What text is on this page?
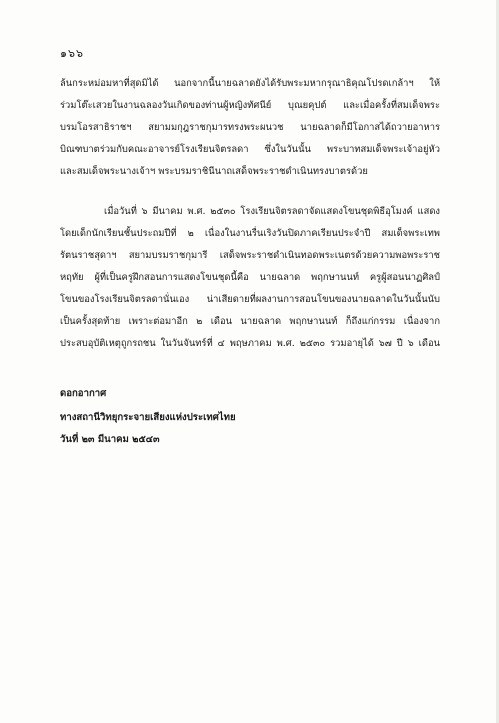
๑๖๖
ล้นกระหม่อมหาที่สุดมิได้ นอกจากนี้นายฉลาดยังได้รับพระมหากรุณาธิคุณโปรดเกล้าฯ ให้
ร่วมโต๊ะเสวยในงานฉลองวันเกิดของท่านผู้หญิงทัศนีย์ บุณยคุปต์ และเมื่อครั้งที่สมเด็จพระ
บรมโอรสาธิราชฯ สยามมกุฎราชกุมารทรงพระผนวช นายฉลาดก็มีโอกาสได้ถวายอาหาร
บิณฑบาตร่วมกับคณะอาจารย์โรงเรียนจิตรลดา ซึ่งในวันนั้น พระบาทสมเด็จพระเจ้าอยู่หัว
และสมเด็จพระนางเจ้าฯ พระบรมราชินีนาถเสด็จพระราชดำเนินทรงบาตรด้วย
เมื่อวันที่ ๖ มีนาคม พ.ศ. ๒๕๓๐ โรงเรียนจิตรลดาจัดแสดงโขนชุดพิธีอุโมงค์ แสดง
โดยเด็กนักเรียนชั้นประถมปีที่ ๒ เนื่องในงานรื่นเริงวันปิดภาคเรียนประจำปี สมเด็จพระเทพ
รัตนราชสุดาฯ สยามบรมราชกุมารี เสด็จพระราชดำเนินทอดพระเนตรด้วยความพอพระราช
หฤทัย ผู้ที่เป็นครูฝึกสอนการแสดงโขนชุดนี้คือ นายฉลาด พฤกษานนท์ ครูผู้สอนนาฏศิลป์
โขนของโรงเรียนจิตรลดานั่นเอง น่าเสียดายที่ผลงานการสอนโขนของนายฉลาดในวันนั้นนับ
เป็นครั้งสุดท้าย เพราะต่อมาอีก ๒ เดือน นายฉลาด พฤกษานนท์ ก็ถึงแก่กรรม เนื่องจาก
ประสบอุบัติเหตุถูกรถชน ในวันจันทร์ที่ ๔ พฤษภาคม พ.ศ. ๒๕๓๐ รวมอายุได้ ๖๗ ปี ๖ เดือน
ดอกอากาศ
ทางสถานีวิทยุกระจายเสียงแห่งประเทศไทย
วันที่ ๒๓ มีนาคม ๒๕๔๓
